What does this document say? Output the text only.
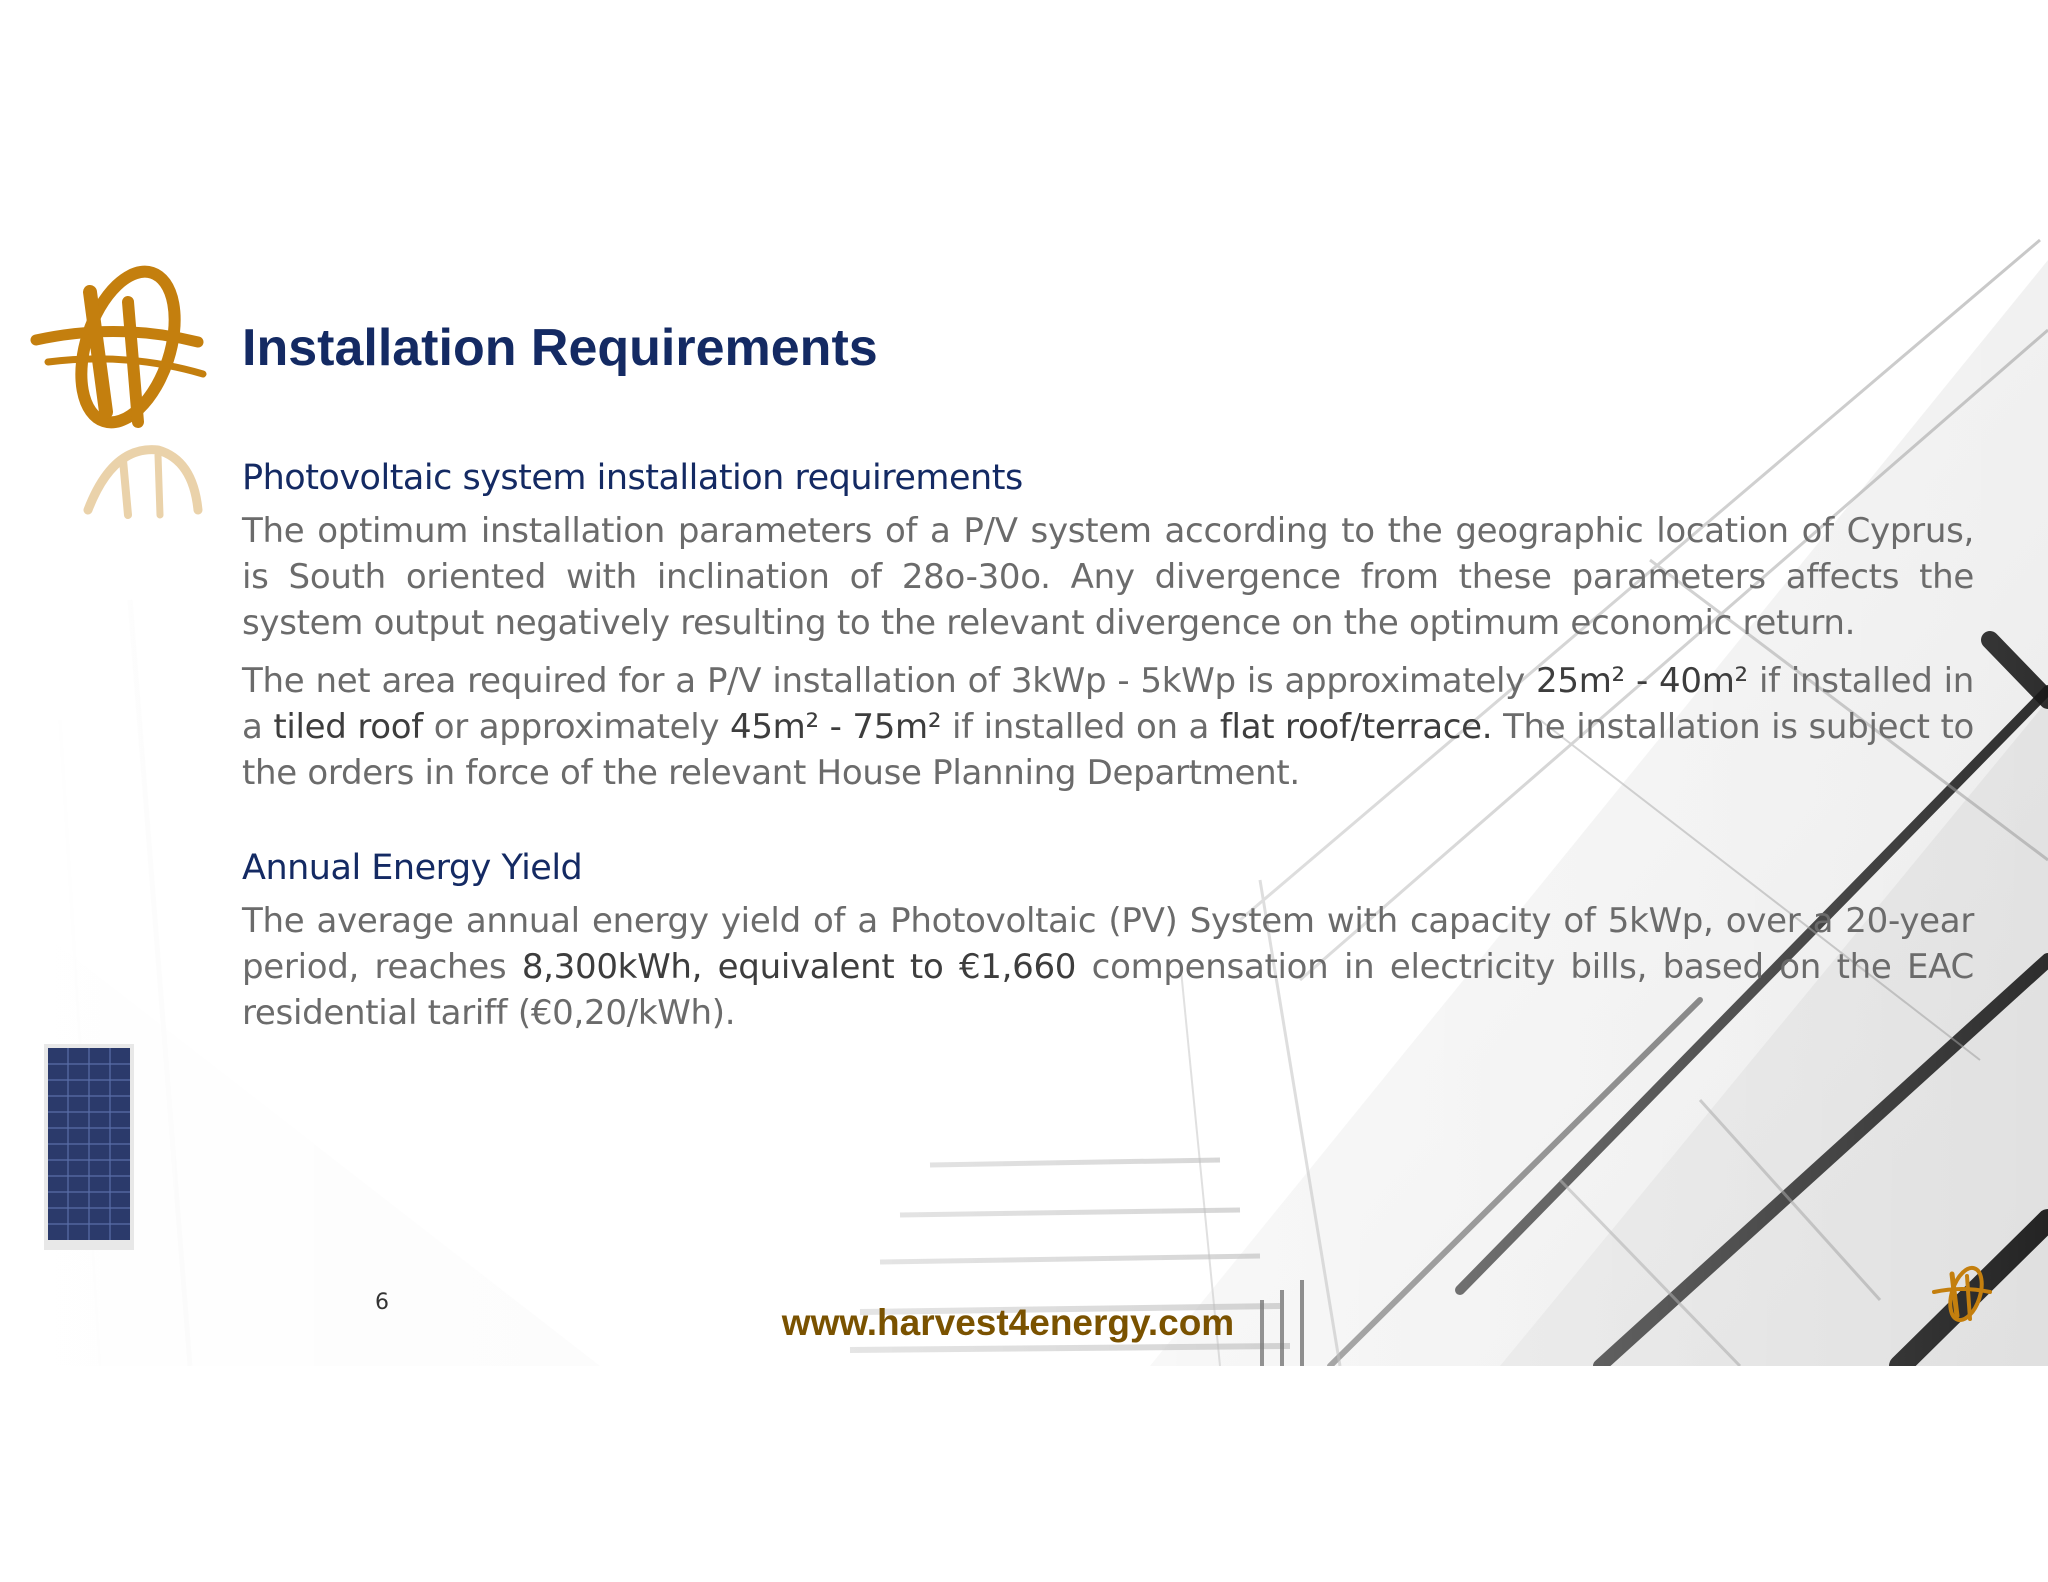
Installation Requirements
Photovoltaic system installation requirements

The optimum installation parameters of a P/V system according to the geographic location of Cyprus, is South oriented with inclination of 28o-30o. Any divergence from these parameters affects the system output negatively resulting to the relevant divergence on the optimum economic return.

The net area required for a P/V installation of 3kWp - 5kWp is approximately 25m² - 40m² if installed in a tiled roof or approximately 45m² - 75m² if installed on a flat roof/terrace. The installation is subject to the orders in force of the relevant House Planning Department.

Annual Energy Yield

The average annual energy yield of a Photovoltaic (PV) System with capacity of 5kWp, over a 20-year period, reaches 8,300kWh, equivalent to €1,660 compensation in electricity bills, based on the EAC residential tariff (€0,20/kWh).

6	www.harvest4energy.com
